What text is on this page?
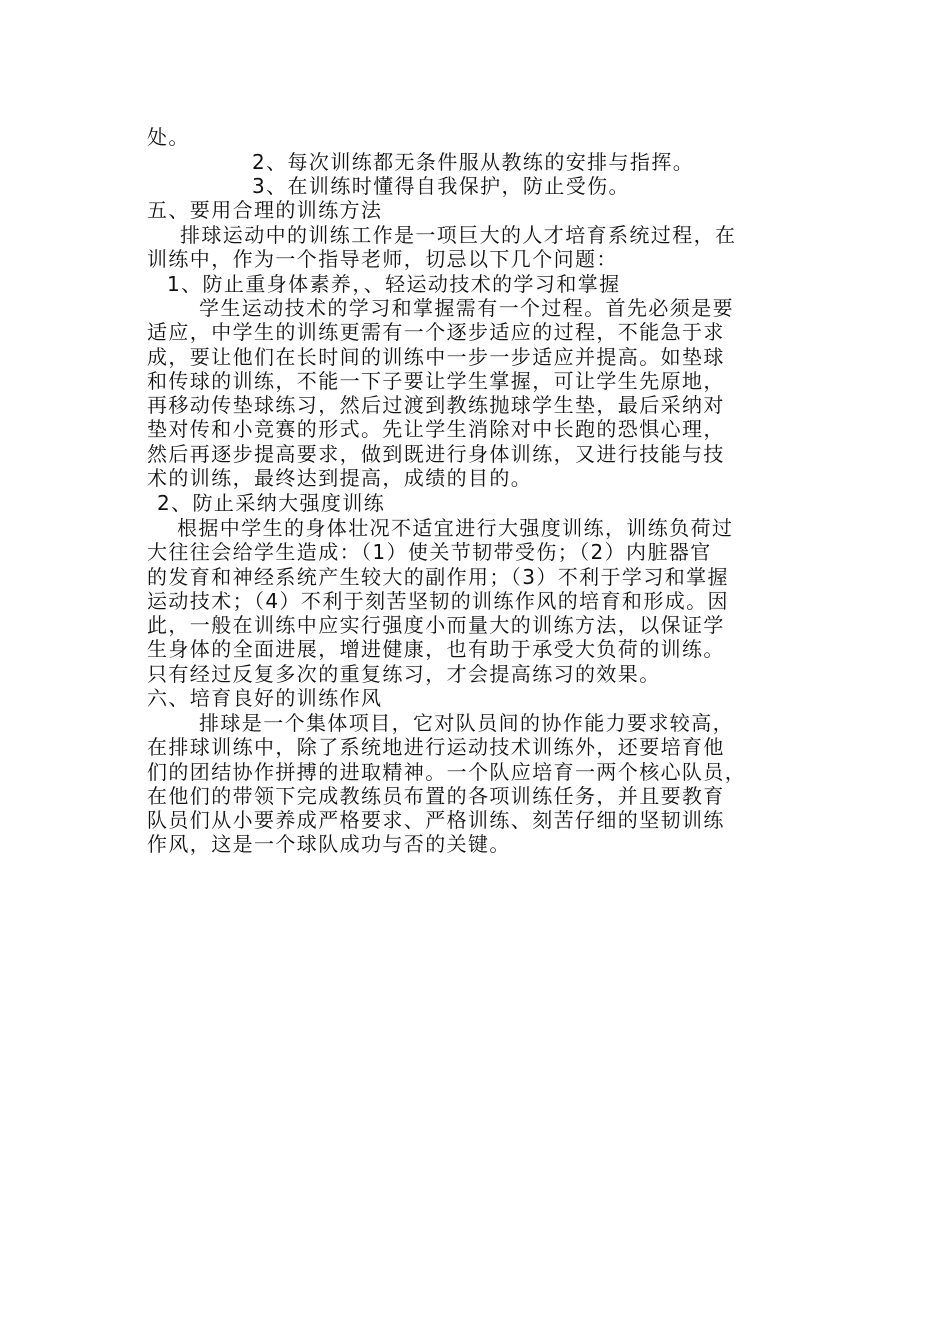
处。
2、每次训练都无条件服从教练的安排与指挥。
3、在训练时懂得自我保护，防止受伤。
五、要用合理的训练方法
排球运动中的训练工作是一项巨大的人才培育系统过程，在
训练中，作为一个指导老师，切忌以下几个问题：
1、防止重身体素养，、轻运动技术的学习和掌握
学生运动技术的学习和掌握需有一个过程。首先必须是要
适应，中学生的训练更需有一个逐步适应的过程，不能急于求
成，要让他们在长时间的训练中一步一步适应并提高。如垫球
和传球的训练，不能一下子要让学生掌握，可让学生先原地，
再移动传垫球练习，然后过渡到教练抛球学生垫，最后采纳对
垫对传和小竞赛的形式。先让学生消除对中长跑的恐惧心理，
然后再逐步提高要求，做到既进行身体训练，又进行技能与技
术的训练，最终达到提高，成绩的目的。
2、防止采纳大强度训练
根据中学生的身体壮况不适宜进行大强度训练，训练负荷过
大往往会给学生造成：（1）使关节韧带受伤；（2）内脏器官
的发育和神经系统产生较大的副作用；（3）不利于学习和掌握
运动技术；（4）不利于刻苦坚韧的训练作风的培育和形成。因
此，一般在训练中应实行强度小而量大的训练方法，以保证学
生身体的全面进展，增进健康，也有助于承受大负荷的训练。
只有经过反复多次的重复练习，才会提高练习的效果。
六、培育良好的训练作风
排球是一个集体项目，它对队员间的协作能力要求较高，
在排球训练中，除了系统地进行运动技术训练外，还要培育他
们的团结协作拼搏的进取精神。一个队应培育一两个核心队员，
在他们的带领下完成教练员布置的各项训练任务，并且要教育
队员们从小要养成严格要求、严格训练、刻苦仔细的坚韧训练
作风，这是一个球队成功与否的关键。
